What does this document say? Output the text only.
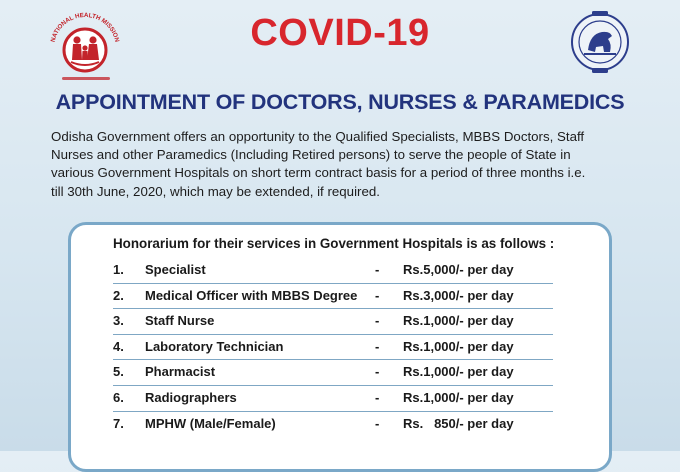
NATIONAL HEALTH MISSION	COVID-19
APPOINTMENT OF DOCTORS, NURSES & PARAMEDICS
Odisha Government offers an opportunity to the Qualified Specialists, MBBS Doctors, Staff
Nurses and other Paramedics (Including Retired persons) to serve the people of State in
various Government Hospitals on short term contract basis for a period of three months i.e.
till 30th June, 2020, which may be extended, if required.
Honorarium for their services in Government Hospitals is as follows :
1. Specialist	- Rs.5,000/- per day
2. Medical Officer with MBBS Degree - Rs.3,000/- per day
3. Staff Nurse	- Rs.1,000/- per day
4. Laboratory Technician	- Rs.1,000/- per day
5. Pharmacist	- Rs.1,000/- per day
6. Radiographers	- Rs.1,000/- per day
7. MPHW (Male/Female)	- Rs.   850/- per day
